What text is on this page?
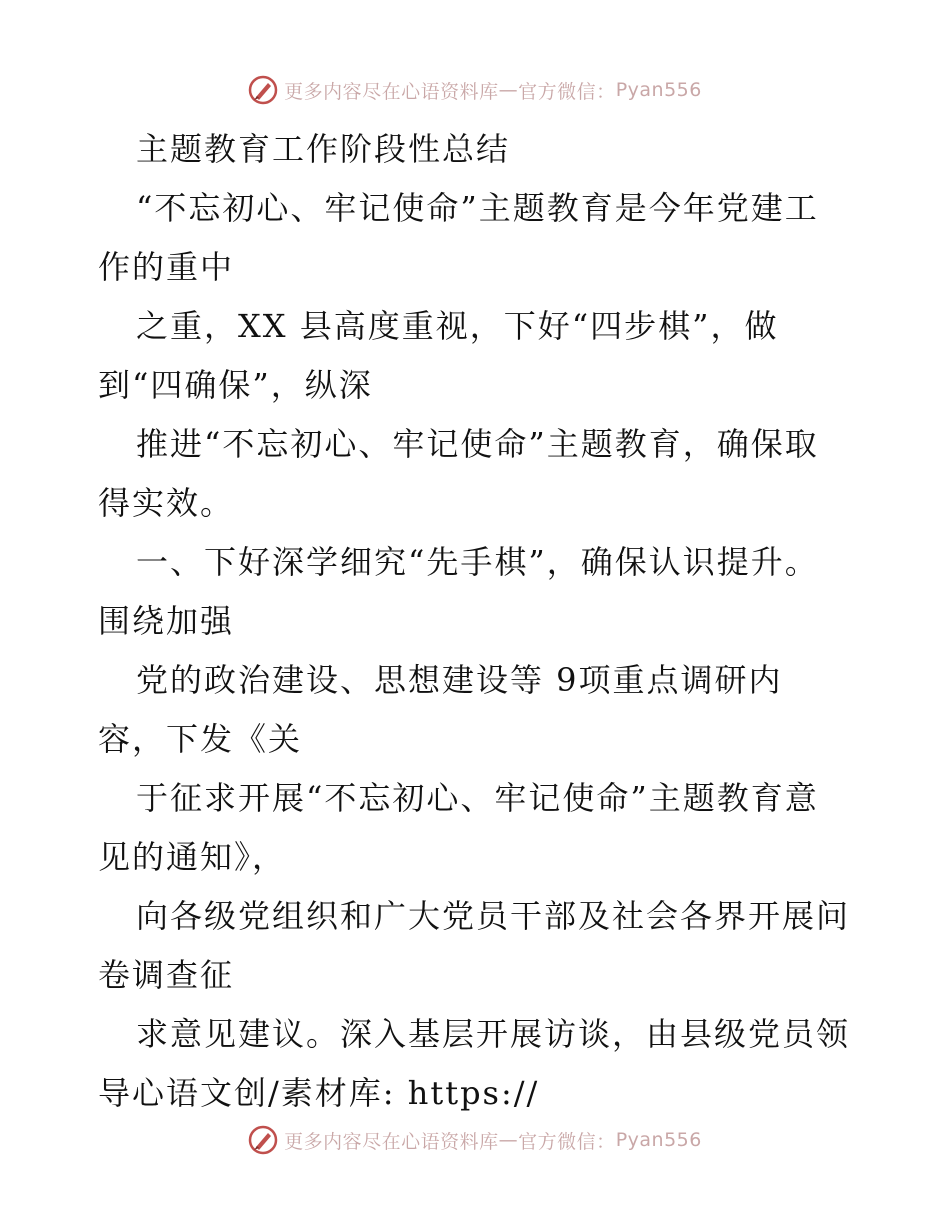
更多内容尽在心语资料库 — 官方微信： Pyan556
主题教育工作阶段性总结
“不忘初心、牢记使命”主题教育是今年党建工
作的重中
之重，XX 县高度重视，下好“四步棋”，做
到“四确保”，纵深
推进“不忘初心、牢记使命”主题教育，确保取
得实效。
一、下好深学细究“先手棋”，确保认识提升。
围绕加强
党的政治建设、思想建设等 9项重点调研内
容，下发《关
于征求开展“不忘初心、牢记使命”主题教育意
见的通知》，
向各级党组织和广大党员干部及社会各界开展问
卷调查征
求意见建议。深入基层开展访谈，由县级党员领
导心语文创/素材库: https://
更多内容尽在心语资料库 — 官方微信： Pyan556
